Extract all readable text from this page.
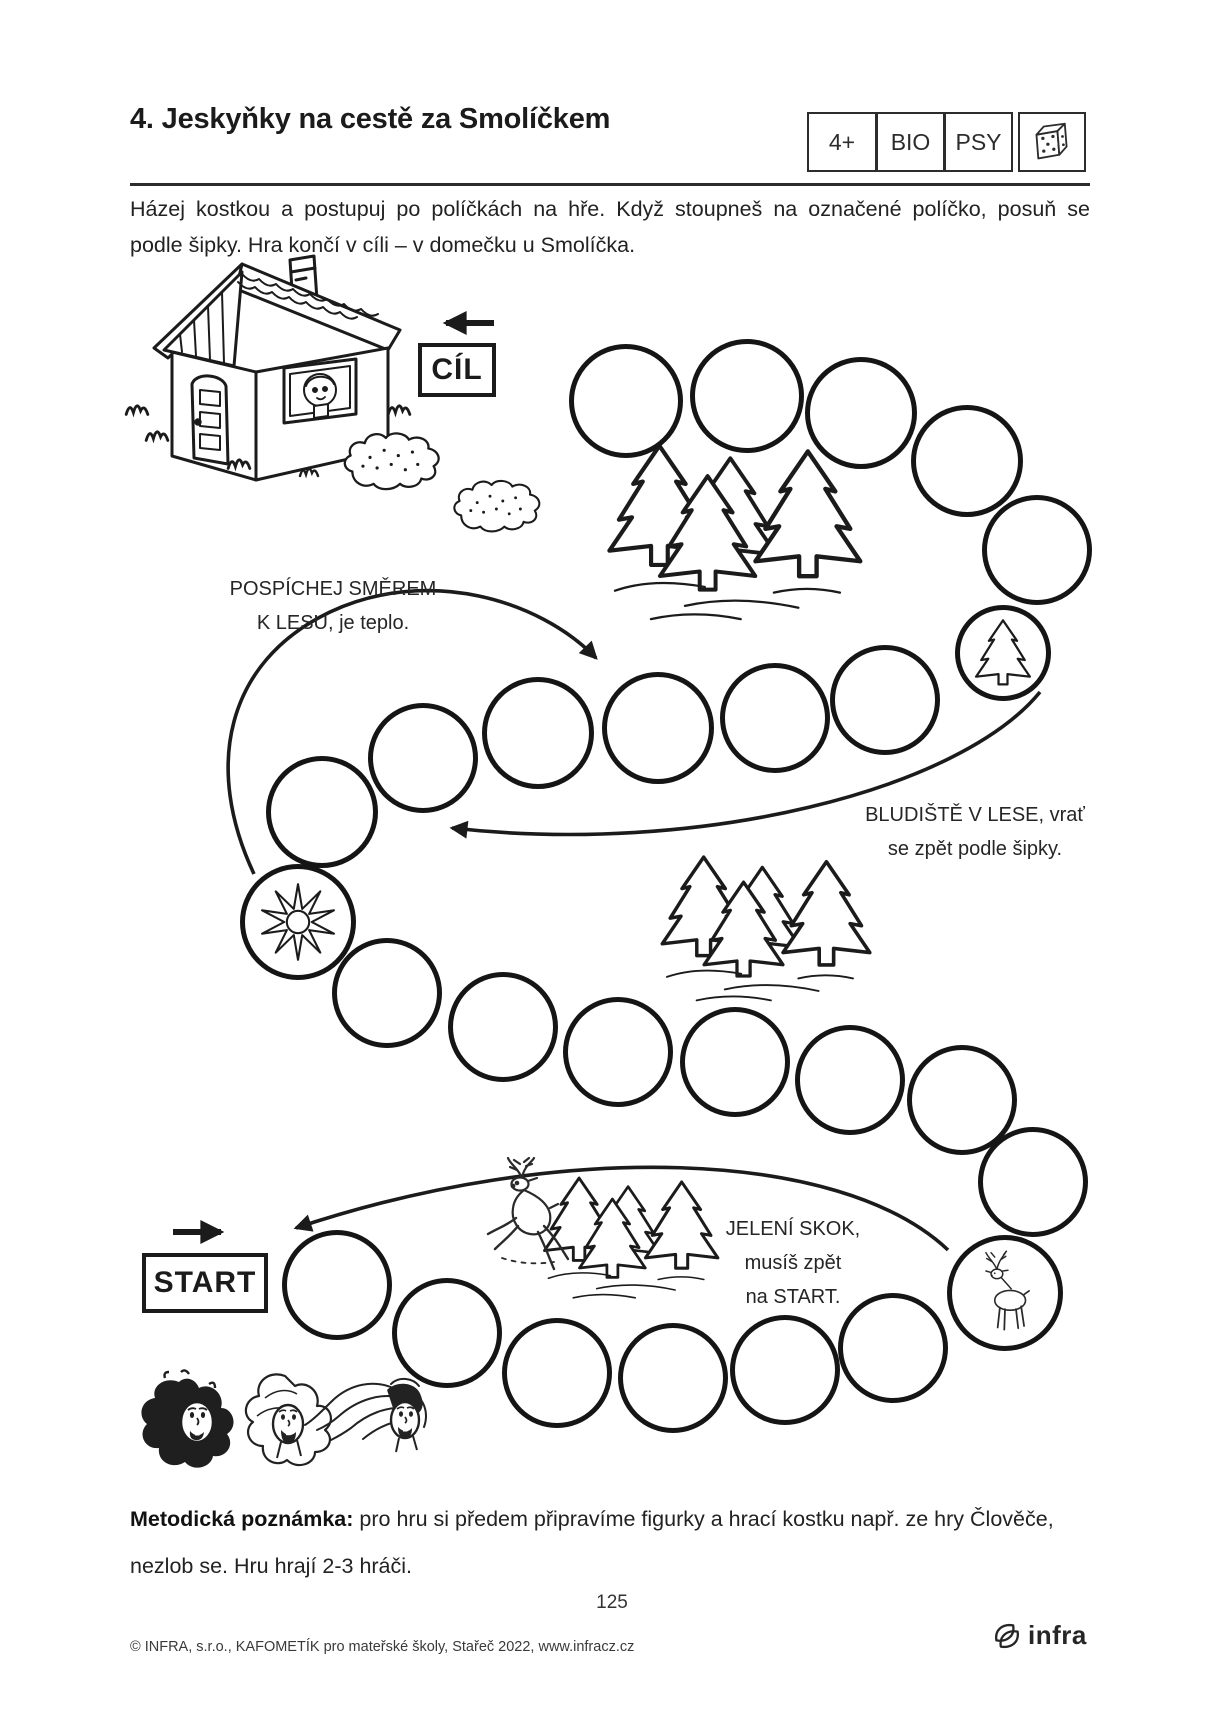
4. Jeskyňky na cestě za Smolíčkem
4+	BIO	PSY
Házej kostkou a postupuj po políčkách na hře. Když stoupneš na označené políčko, posuň se
podle šipky. Hra končí v cíli – v domečku u Smolíčka.
CÍL
START
POSPÍCHEJ SMĚREM
K LESU, je teplo.
BLUDIŠTĚ V LESE, vrať
se zpět podle šipky.
JELENÍ SKOK,
musíš zpět
na START.
Metodická poznámka: pro hru si předem připravíme figurky a hrací kostku např. ze hry Člověče,
nezlob se. Hru hrají 2-3 hráči.
125
© INFRA, s.r.o., KAFOMETÍK pro mateřské školy, Stařeč 2022, www.infracz.cz	infra
